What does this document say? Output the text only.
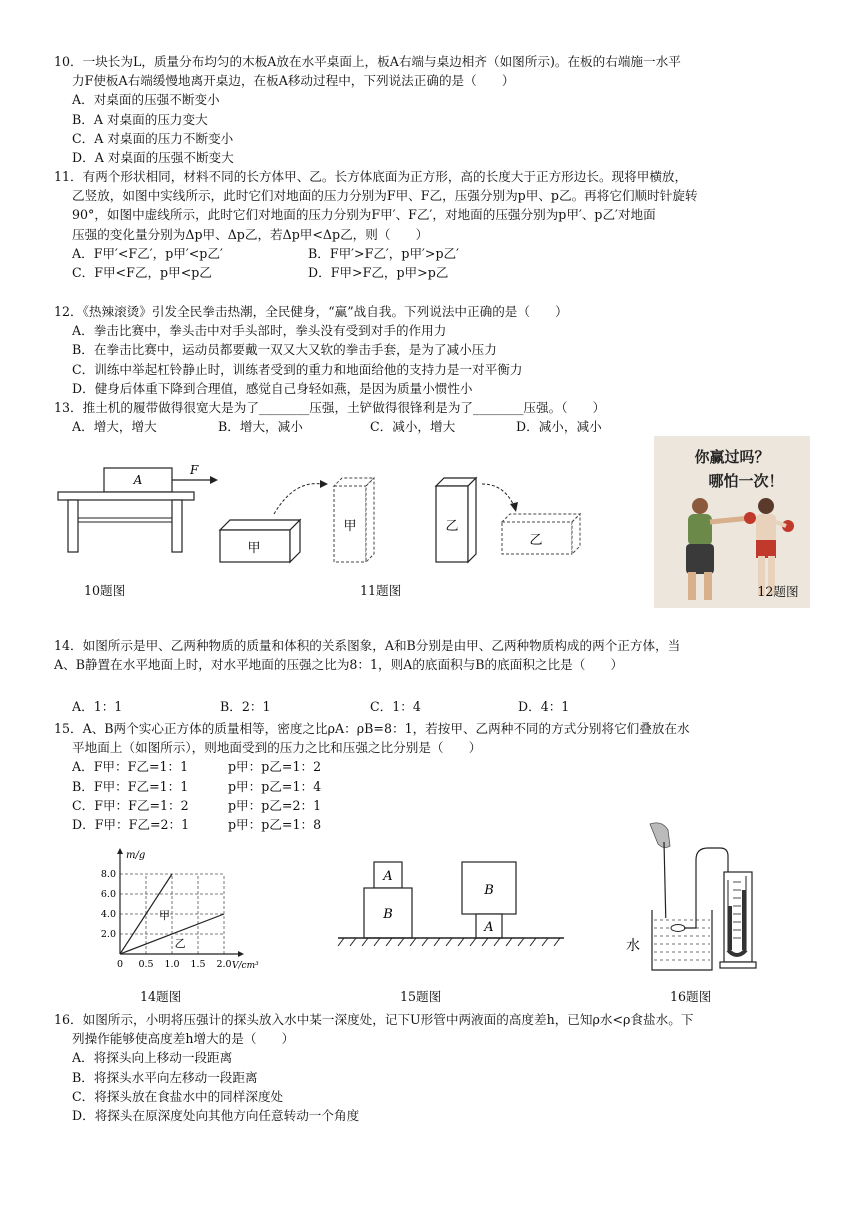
10．一块长为L，质量分布均匀的木板A放在水平桌面上，板A右端与桌边相齐（如图所示)。在板的右端施一水平
力F使板A右端缓慢地离开桌边，在板A移动过程中，下列说法正确的是（　　）
A．对桌面的压强不断变小
B．A 对桌面的压力变大
C．A 对桌面的压力不断变小
D．A 对桌面的压强不断变大
11．有两个形状相同，材料不同的长方体甲、乙。长方体底面为正方形，高的长度大于正方形边长。现将甲横放，
乙竖放，如图中实线所示，此时它们对地面的压力分别为F甲、F乙，压强分别为p甲、p乙。再将它们顺时针旋转
90°，如图中虚线所示，此时它们对地面的压力分别为F甲′、F乙′，对地面的压强分别为p甲′、p乙′对地面
压强的变化量分别为Δp甲、Δp乙，若Δp甲<Δp乙，则（　　）
A．F甲′<F乙′，p甲′<p乙′	B．F甲′>F乙′，p甲′>p乙′
C．F甲<F乙，p甲<p乙	D．F甲>F乙，p甲>p乙
12．《热辣滚烫》引发全民拳击热潮，全民健身，“赢”战自我。下列说法中正确的是（　　）
A．拳击比赛中，拳头击中对手头部时，拳头没有受到对手的作用力
B．在拳击比赛中，运动员都要戴一双又大又软的拳击手套，是为了减小压力
C．训练中举起杠铃静止时，训练者受到的重力和地面给他的支持力是一对平衡力
D．健身后体重下降到合理值，感觉自己身轻如燕，是因为质量小惯性小
13．推土机的履带做得很宽大是为了________压强，土铲做得很锋利是为了________压强。（　　）
A．增大，增大	B．增大，减小	C．减小，增大	D．减小，减小
A
F
10题图
甲
甲	乙
乙
11题图
你赢过吗？
哪怕一次！
12题图
14．如图所示是甲、乙两种物质的质量和体积的关系图象，A和B分别是由甲、乙两种物质构成的两个正方体，当
A、B静置在水平地面上时，对水平地面的压强之比为8：1，则A的底面积与B的底面积之比是（　　）
A．1：1	B．2：1	C．1：4	D．4：1
15．A、B两个实心正方体的质量相等，密度之比ρA：ρB=8：1，若按甲、乙两种不同的方式分别将它们叠放在水
平地面上（如图所示），则地面受到的压力之比和压强之比分别是（　　）
A．F甲：F乙=1：1	p甲：p乙=1：2
B．F甲：F乙=1：1	p甲：p乙=1：4
C．F甲：F乙=1：2	p甲：p乙=2：1
D．F甲：F乙=2：1	p甲：p乙=1：8
m/g
V/cm³
8.0
6.0
4.0
2.0
0 0.5 1.0 1.5 2.0
甲
乙
14题图
A
B
B
A
15题图
水
16题图
16．如图所示，小明将压强计的探头放入水中某一深度处，记下U形管中两液面的高度差h，已知ρ水<ρ食盐水。下
列操作能够使高度差h增大的是（　　）
A．将探头向上移动一段距离
B．将探头水平向左移动一段距离
C．将探头放在食盐水中的同样深度处
D．将探头在原深度处向其他方向任意转动一个角度
